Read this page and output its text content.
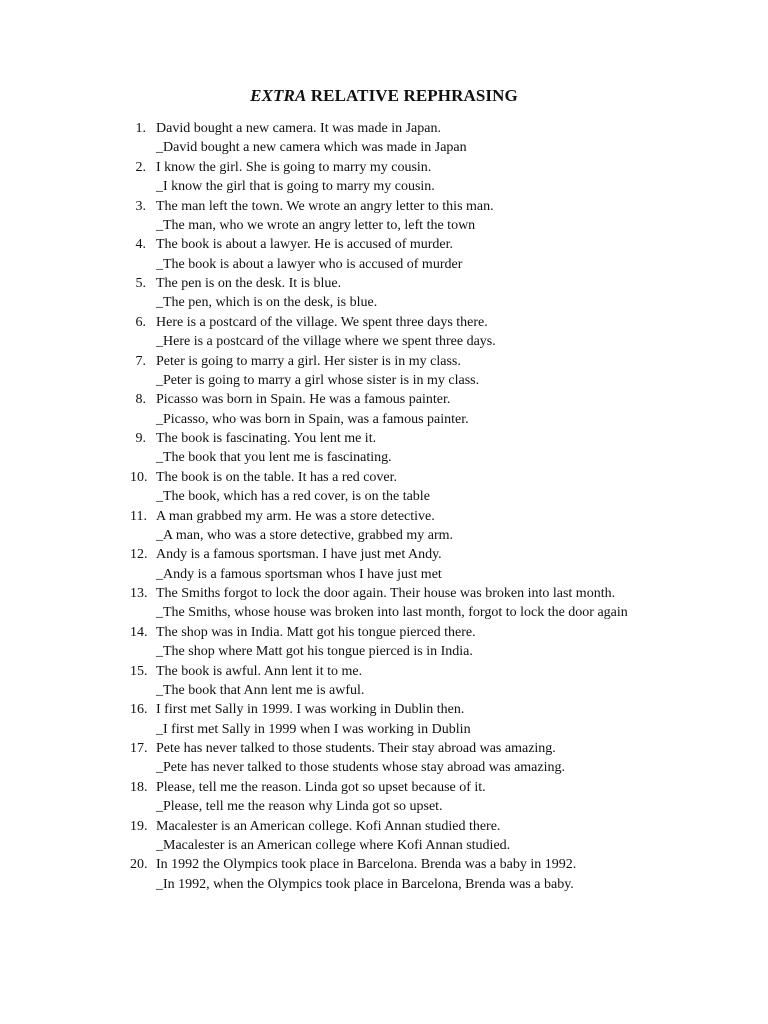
EXTRA RELATIVE REPHRASING
1. David bought a new camera. It was made in Japan.
_David bought a new camera which was made in Japan
2. I know the girl. She is going to marry my cousin.
_I know the girl that is going to marry my cousin.
3. The man left the town. We wrote an angry letter to this man.
_The man, who we wrote an angry letter to, left the town
4. The book is about a lawyer. He is accused of murder.
_The book is about a lawyer who is accused of murder
5. The pen is on the desk. It is blue.
_The pen, which is on the desk, is blue.
6. Here is a postcard of the village. We spent three days there.
_Here is a postcard of the village where we spent three days.
7. Peter is going to marry a girl. Her sister is in my class.
_Peter is going to marry a girl whose sister is in my class.
8. Picasso was born in Spain. He was a famous painter.
_Picasso, who was born in Spain, was a famous painter.
9. The book is fascinating. You lent me it.
_The book that you lent me is fascinating.
10. The book is on the table. It has a red cover.
_The book, which has a red cover, is on the table
11. A man grabbed my arm. He was a store detective.
_A man, who was a store detective, grabbed my arm.
12. Andy is a famous sportsman. I have just met Andy.
_Andy is a famous sportsman whos I have just met
13. The Smiths forgot to lock the door again. Their house was broken into last month.
_The Smiths, whose house was broken into last month, forgot to lock the door again
14. The shop was in India. Matt got his tongue pierced there.
_The shop where Matt got his tongue pierced is in India.
15. The book is awful. Ann lent it to me.
_The book that Ann lent me is awful.
16. I first met Sally in 1999. I was working in Dublin then.
_I first met Sally in 1999 when I was working in Dublin
17. Pete has never talked to those students. Their stay abroad was amazing.
_Pete has never talked to those students whose stay abroad was amazing.
18. Please, tell me the reason. Linda got so upset because of it.
_Please, tell me the reason why Linda got so upset.
19. Macalester is an American college. Kofi Annan studied there.
_Macalester is an American college where Kofi Annan studied.
20. In 1992 the Olympics took place in Barcelona. Brenda was a baby in 1992.
_In 1992, when the Olympics took place in Barcelona, Brenda was a baby.
